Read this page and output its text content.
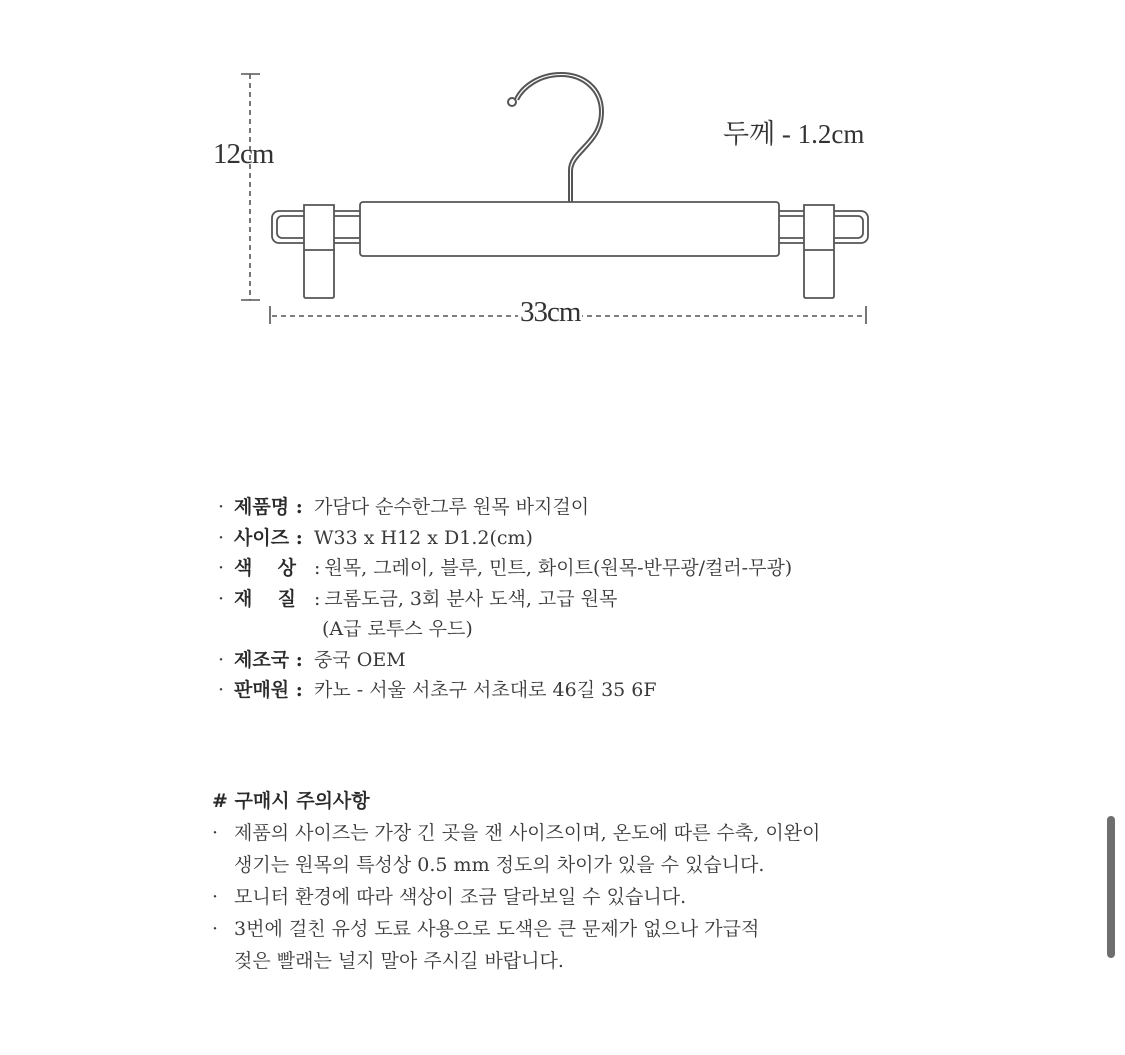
12cm
33cm
두께 - 1.2cm
· 제품명 : 가담다 순수한그루 원목 바지걸이
· 사이즈 : W33 x H12 x D1.2(cm)
· 색 상 : 원목, 그레이, 블루, 민트, 화이트(원목-반무광/컬러-무광)
· 재 질 : 크롬도금, 3회 분사 도색, 고급 원목
(A급 로투스 우드)
· 제조국 : 중국 OEM
· 판매원 : 카노 - 서울 서초구 서초대로 46길 35 6F
# 구매시 주의사항
· 제품의 사이즈는 가장 긴 곳을 잰 사이즈이며, 온도에 따른 수축, 이완이
생기는 원목의 특성상 0.5 mm 정도의 차이가 있을 수 있습니다.
· 모니터 환경에 따라 색상이 조금 달라보일 수 있습니다.
· 3번에 걸친 유성 도료 사용으로 도색은 큰 문제가 없으나 가급적
젖은 빨래는 널지 말아 주시길 바랍니다.
